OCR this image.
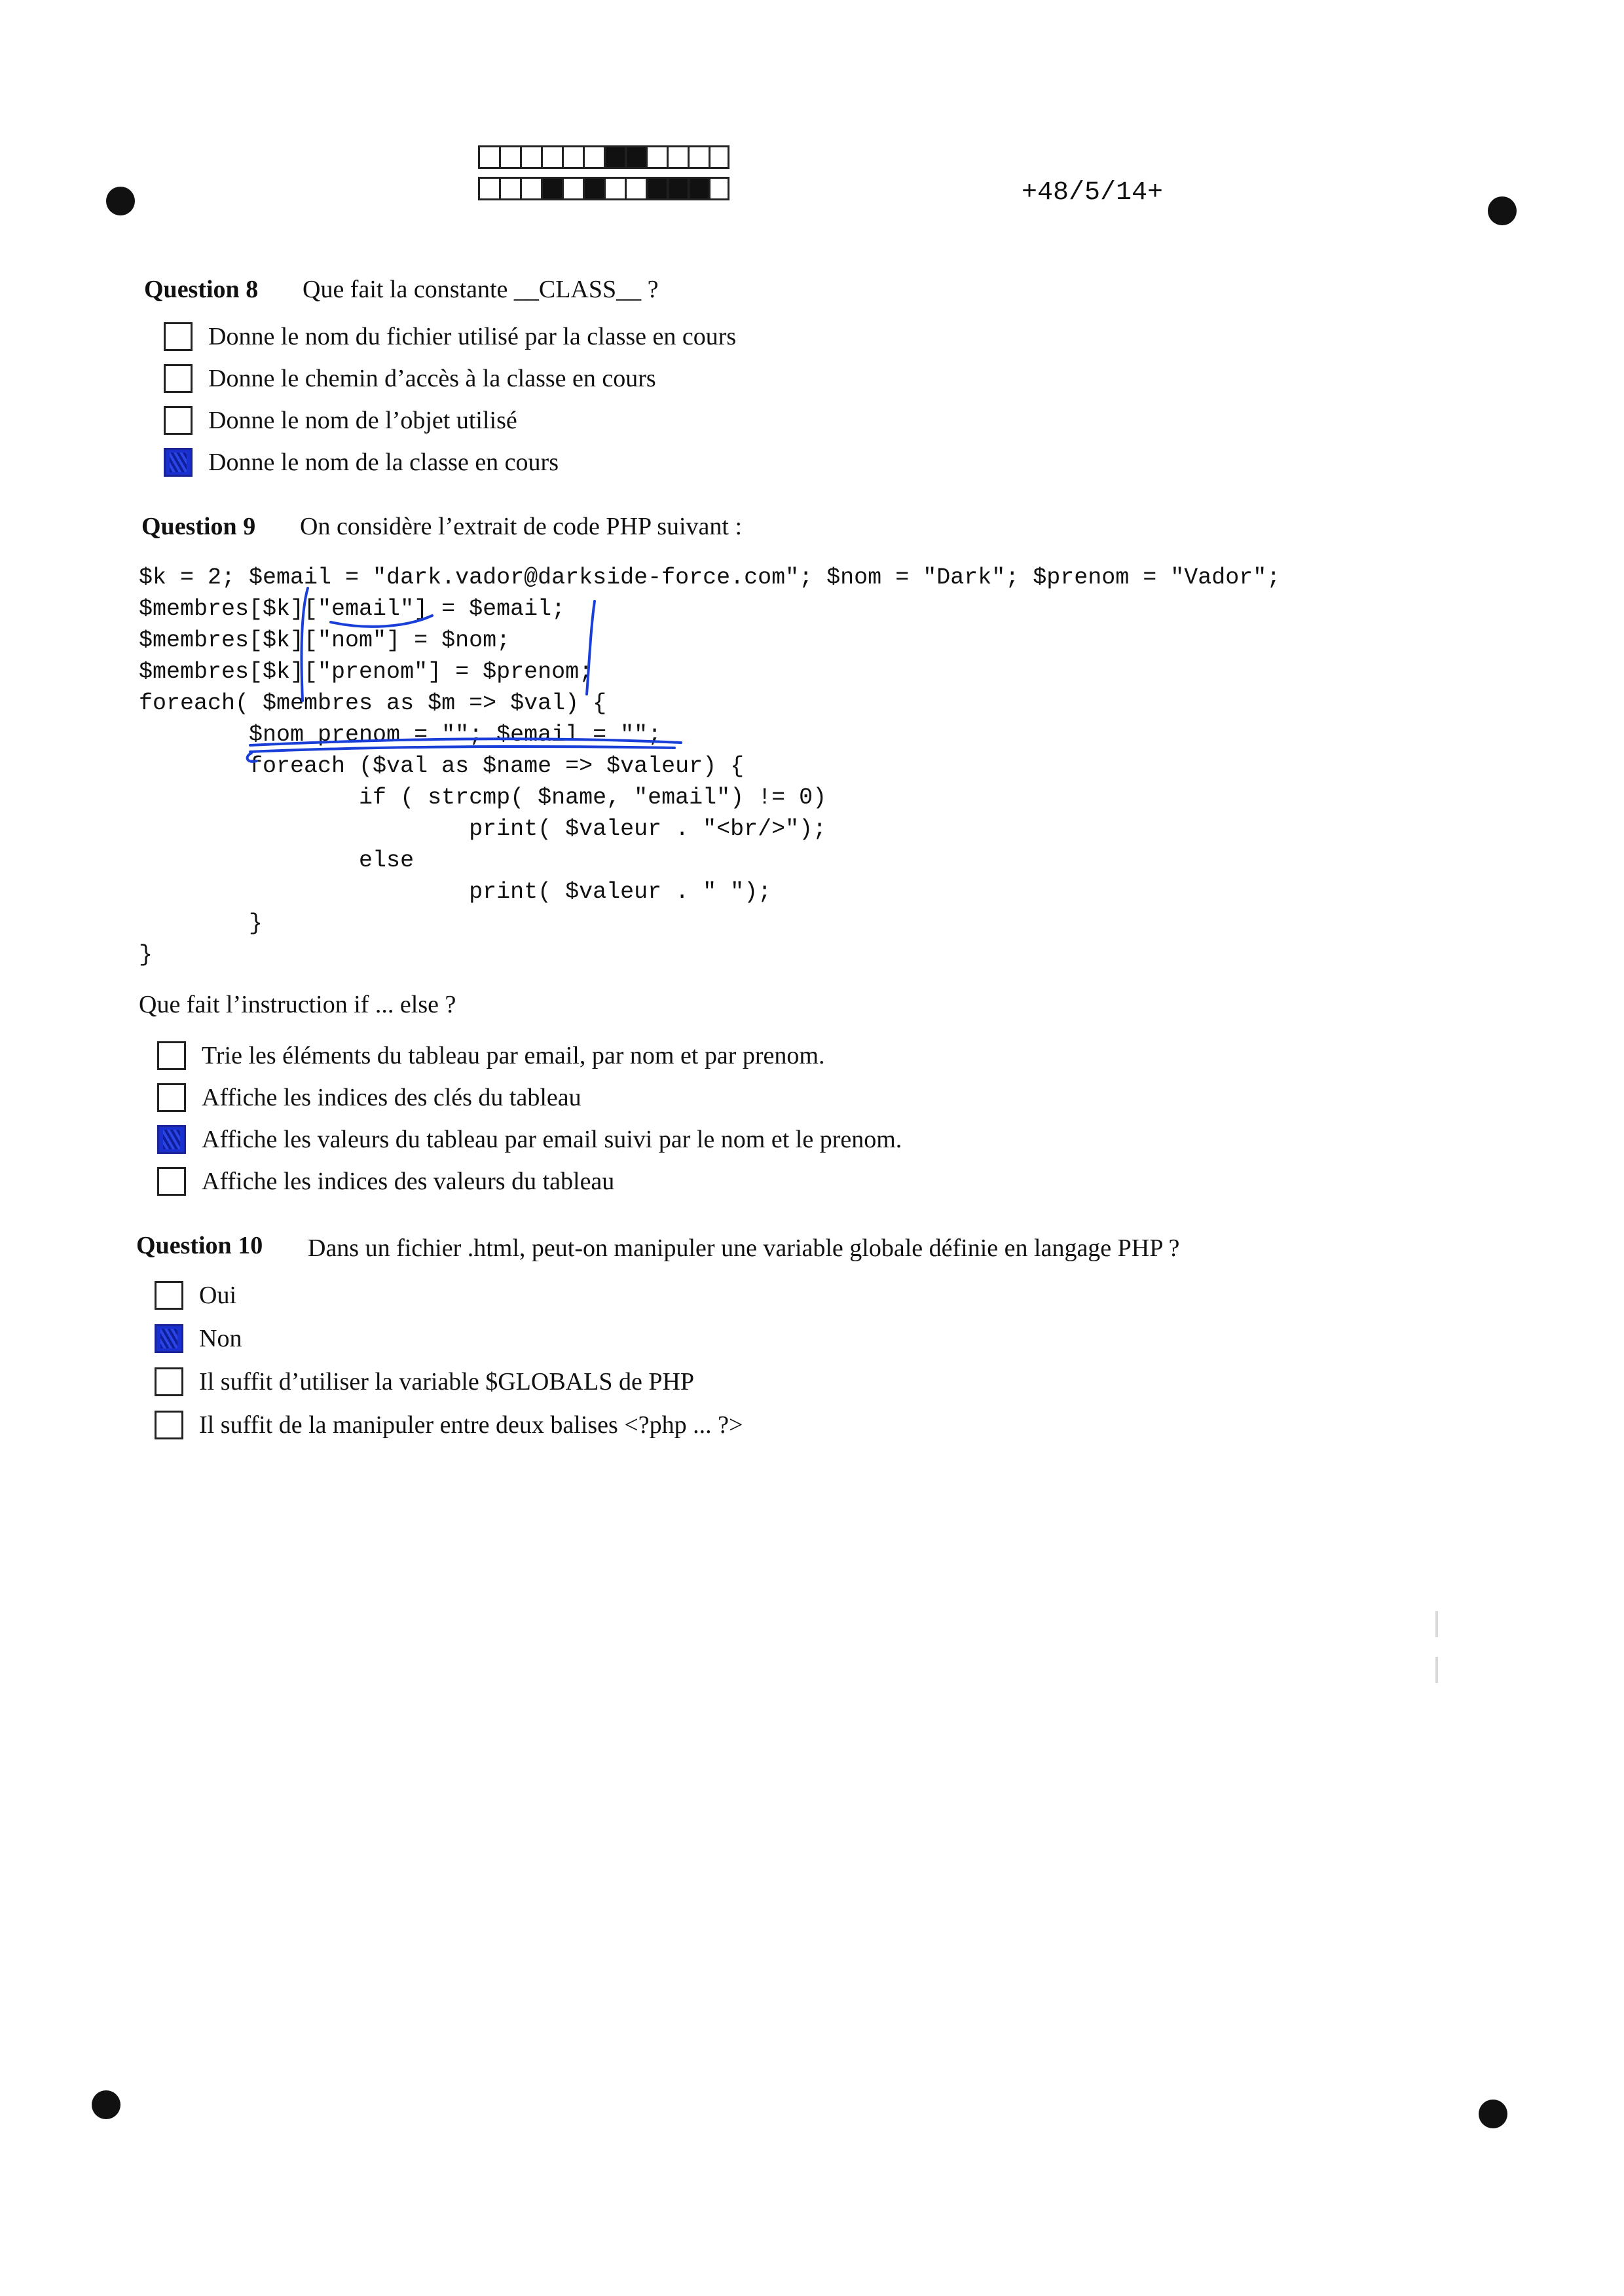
+48/5/14+
Question 8 Que fait la constante __CLASS__ ?
Donne le nom du fichier utilisé par la classe en cours
Donne le chemin d’accès à la classe en cours
Donne le nom de l’objet utilisé
Donne le nom de la classe en cours
Question 9 On considère l’extrait de code PHP suivant :
$k = 2; $email = "dark.vador@darkside-force.com"; $nom = "Dark"; $prenom = "Vador";
$membres[$k]["email"] = $email;
$membres[$k]["nom"] = $nom;
$membres[$k]["prenom"] = $prenom;
foreach( $membres as $m => $val) {
$nom_prenom = ""; $email = "";
foreach ($val as $name => $valeur) {
if ( strcmp( $name, "email") != 0)
print( $valeur . "<br/>");
else
print( $valeur . " ");
}
}
Que fait l’instruction if ... else ?
Trie les éléments du tableau par email, par nom et par prenom.
Affiche les indices des clés du tableau
Affiche les valeurs du tableau par email suivi par le nom et le prenom.
Affiche les indices des valeurs du tableau
Question 10 Dans un fichier .html, peut-on manipuler une variable globale définie en langage PHP ?
Oui
Non
Il suffit d’utiliser la variable $GLOBALS de PHP
Il suffit de la manipuler entre deux balises <?php ... ?>
